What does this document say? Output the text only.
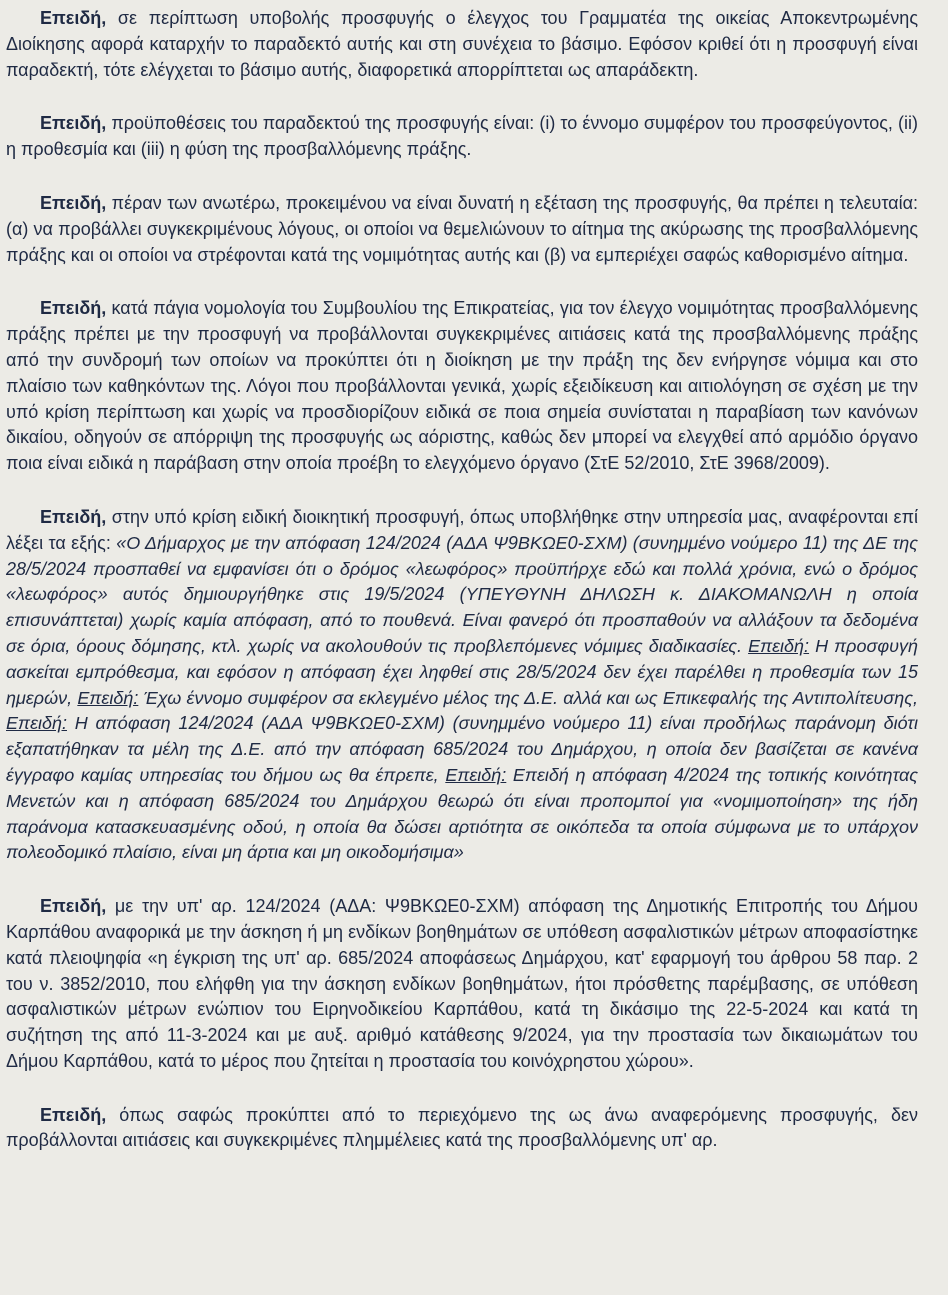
Επειδή, σε περίπτωση υποβολής προσφυγής ο έλεγχος του Γραμματέα της οικείας Αποκεντρωμένης Διοίκησης αφορά καταρχήν το παραδεκτό αυτής και στη συνέχεια το βάσιμο. Εφόσον κριθεί ότι η προσφυγή είναι παραδεκτή, τότε ελέγχεται το βάσιμο αυτής, διαφορετικά απορρίπτεται ως απαράδεκτη.

Επειδή, προϋποθέσεις του παραδεκτού της προσφυγής είναι: (i) το έννομο συμφέρον του προσφεύγοντος, (ii) η προθεσμία και (iii) η φύση της προσβαλλόμενης πράξης.

Επειδή, πέραν των ανωτέρω, προκειμένου να είναι δυνατή η εξέταση της προσφυγής, θα πρέπει η τελευταία: (α) να προβάλλει συγκεκριμένους λόγους, οι οποίοι να θεμελιώνουν το αίτημα της ακύρωσης της προσβαλλόμενης πράξης και οι οποίοι να στρέφονται κατά της νομιμότητας αυτής και (β) να εμπεριέχει σαφώς καθορισμένο αίτημα.

Επειδή, κατά πάγια νομολογία του Συμβουλίου της Επικρατείας, για τον έλεγχο νομιμότητας προσβαλλόμενης πράξης πρέπει με την προσφυγή να προβάλλονται συγκεκριμένες αιτιάσεις κατά της προσβαλλόμενης πράξης από την συνδρομή των οποίων να προκύπτει ότι η διοίκηση με την πράξη της δεν ενήργησε νόμιμα και στο πλαίσιο των καθηκόντων της. Λόγοι που προβάλλονται γενικά, χωρίς εξειδίκευση και αιτιολόγηση σε σχέση με την υπό κρίση περίπτωση και χωρίς να προσδιορίζουν ειδικά σε ποια σημεία συνίσταται η παραβίαση των κανόνων δικαίου, οδηγούν σε απόρριψη της προσφυγής ως αόριστης, καθώς δεν μπορεί να ελεγχθεί από αρμόδιο όργανο ποια είναι ειδικά η παράβαση στην οποία προέβη το ελεγχόμενο όργανο (ΣτΕ 52/2010, ΣτΕ 3968/2009).

Επειδή, στην υπό κρίση ειδική διοικητική προσφυγή, όπως υποβλήθηκε στην υπηρεσία μας, αναφέρονται επί λέξει τα εξής: «Ο Δήμαρχος με την απόφαση 124/2024 (ΑΔΑ Ψ9ΒΚΩΕ0-ΣΧΜ) (συνημμένο νούμερο 11) της ΔΕ της 28/5/2024 προσπαθεί να εμφανίσει ότι ο δρόμος «λεωφόρος» προϋπήρχε εδώ και πολλά χρόνια, ενώ ο δρόμος «λεωφόρος» αυτός δημιουργήθηκε στις 19/5/2024 (ΥΠΕΥΘΥΝΗ ΔΗΛΩΣΗ κ. ΔΙΑΚΟΜΑΝΩΛΗ η οποία επισυνάπτεται) χωρίς καμία απόφαση, από το πουθενά. Είναι φανερό ότι προσπαθούν να αλλάξουν τα δεδομένα σε όρια, όρους δόμησης, κτλ. χωρίς να ακολουθούν τις προβλεπόμενες νόμιμες διαδικασίες. Επειδή: Η προσφυγή ασκείται εμπρόθεσμα, και εφόσον η απόφαση έχει ληφθεί στις 28/5/2024 δεν έχει παρέλθει η προθεσμία των 15 ημερών, Επειδή: Έχω έννομο συμφέρον σα εκλεγμένο μέλος της Δ.Ε. αλλά και ως Επικεφαλής της Αντιπολίτευσης, Επειδή: Η απόφαση 124/2024 (ΑΔΑ Ψ9ΒΚΩΕ0-ΣΧΜ) (συνημμένο νούμερο 11) είναι προδήλως παράνομη διότι εξαπατήθηκαν τα μέλη της Δ.Ε. από την απόφαση 685/2024 του Δημάρχου, η οποία δεν βασίζεται σε κανένα έγγραφο καμίας υπηρεσίας του δήμου ως θα έπρεπε, Επειδή: Επειδή η απόφαση 4/2024 της τοπικής κοινότητας Μενετών και η απόφαση 685/2024 του Δημάρχου θεωρώ ότι είναι προπομποί για «νομιμοποίηση» της ήδη παράνομα κατασκευασμένης οδού, η οποία θα δώσει αρτιότητα σε οικόπεδα τα οποία σύμφωνα με το υπάρχον πολεοδομικό πλαίσιο, είναι μη άρτια και μη οικοδομήσιμα»

Επειδή, με την υπ' αρ. 124/2024 (ΑΔΑ: Ψ9ΒΚΩΕ0-ΣΧΜ) απόφαση της Δημοτικής Επιτροπής του Δήμου Καρπάθου αναφορικά με την άσκηση ή μη ενδίκων βοηθημάτων σε υπόθεση ασφαλιστικών μέτρων αποφασίστηκε κατά πλειοψηφία «η έγκριση της υπ' αρ. 685/2024 αποφάσεως Δημάρχου, κατ' εφαρμογή του άρθρου 58 παρ. 2 του ν. 3852/2010, που ελήφθη για την άσκηση ενδίκων βοηθημάτων, ήτοι πρόσθετης παρέμβασης, σε υπόθεση ασφαλιστικών μέτρων ενώπιον του Ειρηνοδικείου Καρπάθου, κατά τη δικάσιμο της 22-5-2024 και κατά τη συζήτηση της από 11-3-2024 και με αυξ. αριθμό κατάθεσης 9/2024, για την προστασία των δικαιωμάτων του Δήμου Καρπάθου, κατά το μέρος που ζητείται η προστασία του κοινόχρηστου χώρου».

Επειδή, όπως σαφώς προκύπτει από το περιεχόμενο της ως άνω αναφερόμενης προσφυγής, δεν προβάλλονται αιτιάσεις και συγκεκριμένες πλημμέλειες κατά της προσβαλλόμενης υπ' αρ.
